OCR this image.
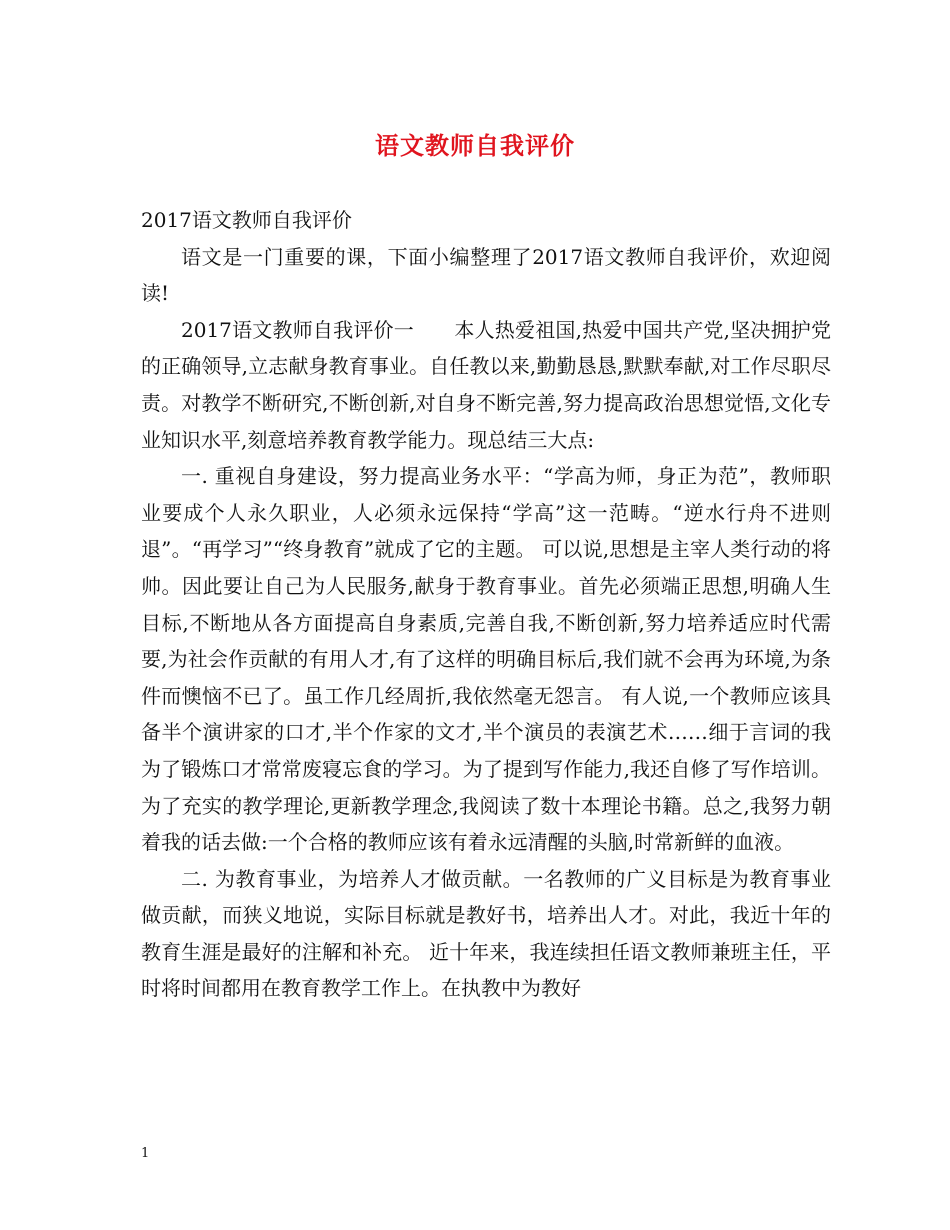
语文教师自我评价

2017语文教师自我评价

语文是一门重要的课，下面小编整理了2017语文教师自我评价，欢迎阅读!

2017语文教师自我评价一　　本人热爱祖国,热爱中国共产党,坚决拥护党的正确领导,立志献身教育事业。自任教以来,勤勤恳恳,默默奉献,对工作尽职尽责。对教学不断研究,不断创新,对自身不断完善,努力提高政治思想觉悟,文化专业知识水平,刻意培养教育教学能力。现总结三大点:

一. 重视自身建设，努力提高业务水平：“学高为师，身正为范”，教师职业要成个人永久职业，人必须永远保持“学高”这一范畴。“逆水行舟不进则退”。“再学习”“终身教育”就成了它的主题。 可以说,思想是主宰人类行动的将帅。因此要让自己为人民服务,献身于教育事业。首先必须端正思想,明确人生目标,不断地从各方面提高自身素质,完善自我,不断创新,努力培养适应时代需要,为社会作贡献的有用人才,有了这样的明确目标后,我们就不会再为环境,为条件而懊恼不已了。虽工作几经周折,我依然毫无怨言。 有人说,一个教师应该具备半个演讲家的口才,半个作家的文才,半个演员的表演艺术……细于言词的我为了锻炼口才常常废寝忘食的学习。为了提到写作能力,我还自修了写作培训。为了充实的教学理论,更新教学理念,我阅读了数十本理论书籍。总之,我努力朝着我的话去做:一个合格的教师应该有着永远清醒的头脑,时常新鲜的血液。

二. 为教育事业，为培养人才做贡献。一名教师的广义目标是为教育事业做贡献，而狭义地说，实际目标就是教好书，培养出人才。对此，我近十年的教育生涯是最好的注解和补充。 近十年来，我连续担任语文教师兼班主任，平时将时间都用在教育教学工作上。在执教中为教好

1
